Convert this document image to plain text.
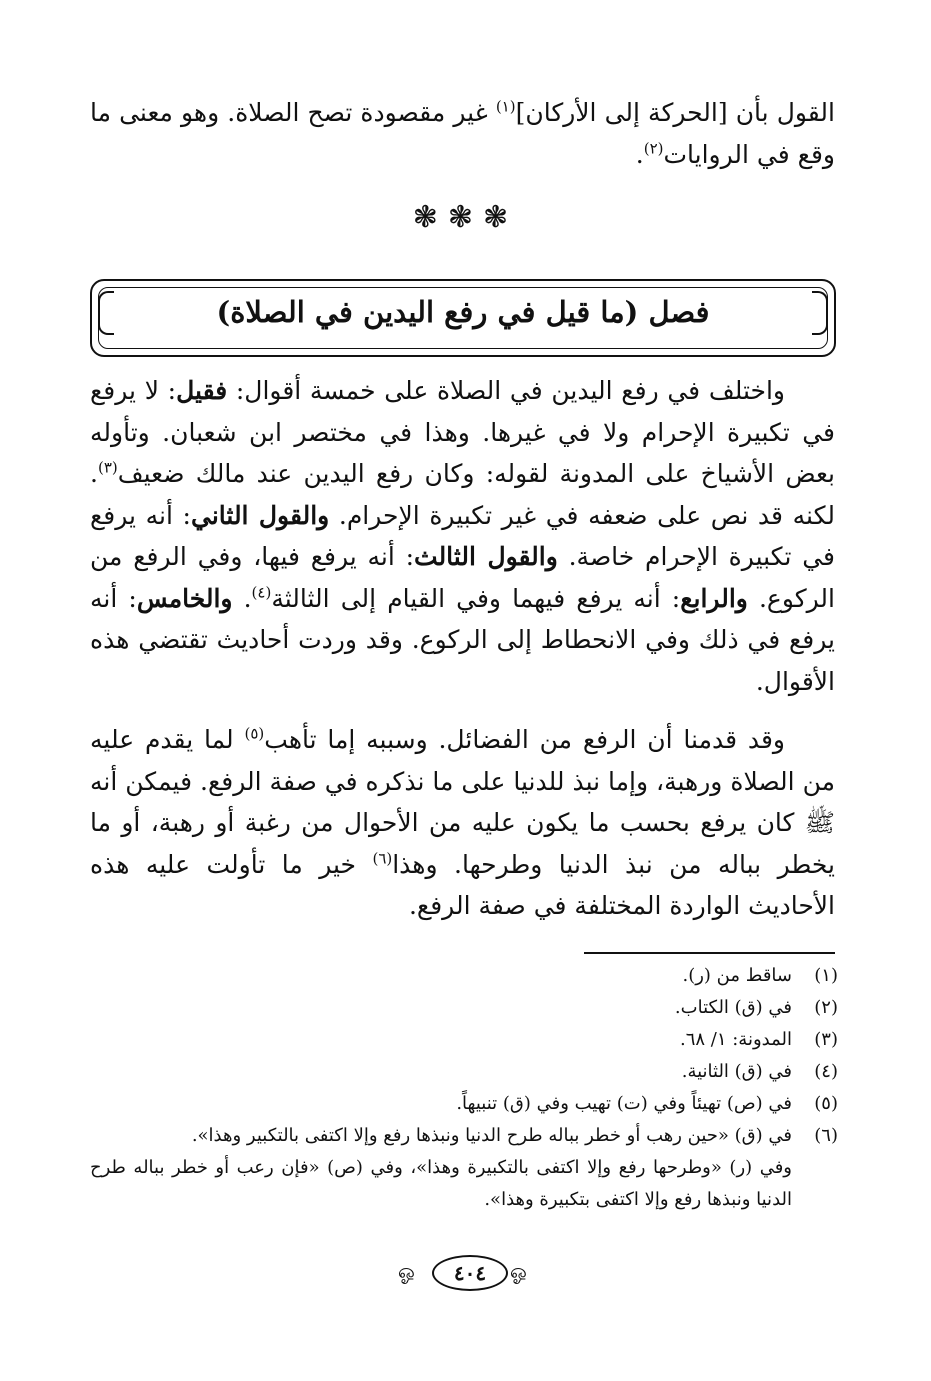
القول بأن [الحركة إلى الأركان]$^{(١)}$ غير مقصودة تصح الصلاة. وهو معنى ما وقع في الروايات$^{(٢)}$.
❃❃❃
فصل (ما قيل في رفع اليدين في الصلاة)
  واختلف في رفع اليدين في الصلاة على خمسة أقوال: فقيل: لا يرفع في تكبيرة الإحرام ولا في غيرها. وهذا في مختصر ابن شعبان. وتأوله بعض الأشياخ على المدونة لقوله: وكان رفع اليدين عند مالك ضعيف$^{(٣)}$. لكنه قد نص على ضعفه في غير تكبيرة الإحرام. والقول الثاني: أنه يرفع في تكبيرة الإحرام خاصة. والقول الثالث: أنه يرفع فيها، وفي الرفع من الركوع. والرابع: أنه يرفع فيهما وفي القيام إلى الثالثة$^{(٤)}$. والخامس: أنه يرفع في ذلك وفي الانحطاط إلى الركوع. وقد وردت أحاديث تقتضي هذه الأقوال.
  وقد قدمنا أن الرفع من الفضائل. وسببه إما تأهب$^{(٥)}$ لما يقدم عليه من الصلاة ورهبة، وإما نبذ للدنيا على ما نذكره في صفة الرفع. فيمكن أنه ﷺ كان يرفع بحسب ما يكون عليه من الأحوال من رغبة أو رهبة، أو ما يخطر بباله من نبذ الدنيا وطرحها. وهذا$^{(٦)}$ خير ما تأولت عليه هذه الأحاديث الواردة المختلفة في صفة الرفع.
(١)
ساقط من (ر).
(٢)
في (ق) الكتاب.
(٣)
المدونة: ١/ ٦٨.
(٤)
في (ق) الثانية.
(٥)
في (ص) تهيئاً وفي (ت) تهيب وفي (ق) تنبيهاً.
(٦)
في (ق) «حين رهب أو خطر بباله طرح الدنيا ونبذها رفع وإلا اكتفى بالتكبير وهذا».
وفي (ر) «وطرحها رفع وإلا اكتفى بالتكبيرة وهذا»، وفي (ص) «فإن رعب أو خطر بباله طرح الدنيا ونبذها رفع وإلا اكتفى بتكبيرة وهذا».
ஓ	٤٠٤	ஓ
